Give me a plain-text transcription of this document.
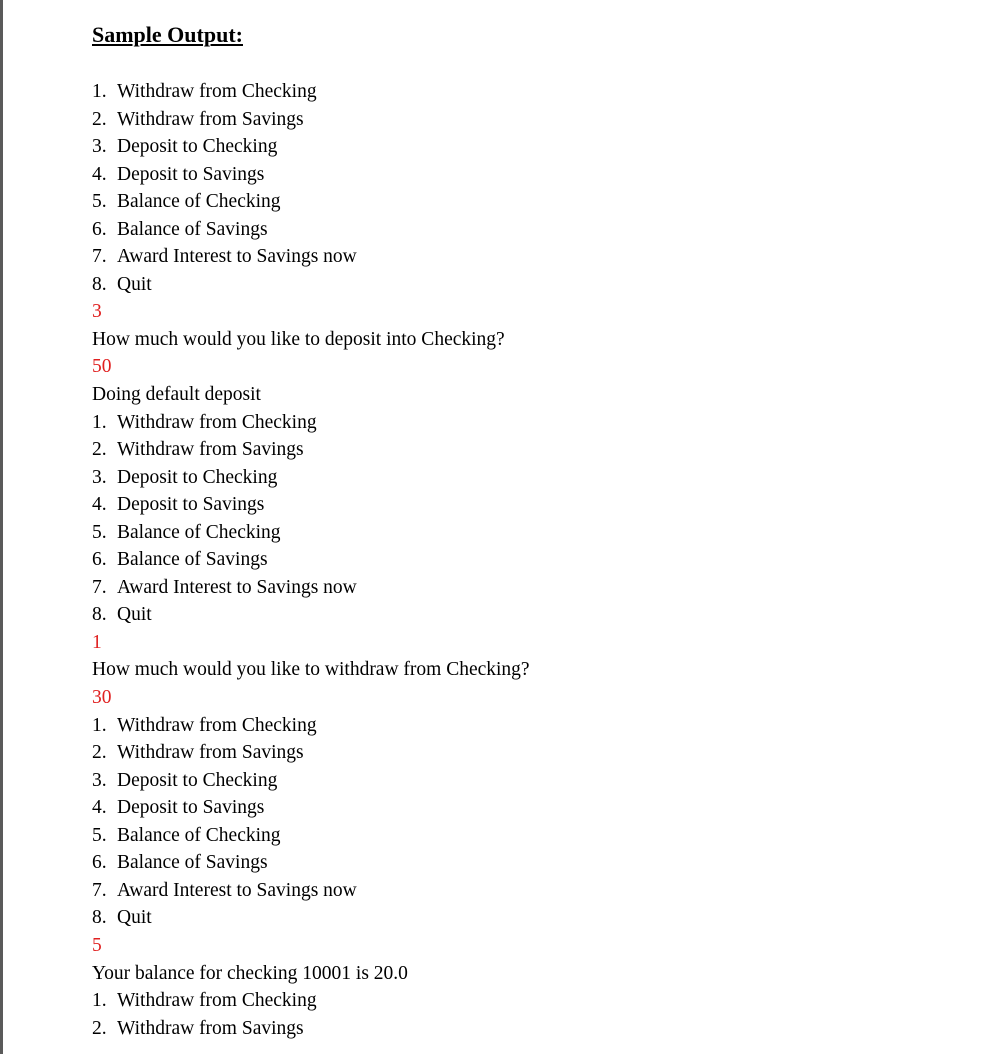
Sample Output:
1. Withdraw from Checking
2. Withdraw from Savings
3. Deposit to Checking
4. Deposit to Savings
5. Balance of Checking
6. Balance of Savings
7. Award Interest to Savings now
8. Quit
3
How much would you like to deposit into Checking?
50
Doing default deposit
1. Withdraw from Checking
2. Withdraw from Savings
3. Deposit to Checking
4. Deposit to Savings
5. Balance of Checking
6. Balance of Savings
7. Award Interest to Savings now
8. Quit
1
How much would you like to withdraw from Checking?
30
1. Withdraw from Checking
2. Withdraw from Savings
3. Deposit to Checking
4. Deposit to Savings
5. Balance of Checking
6. Balance of Savings
7. Award Interest to Savings now
8. Quit
5
Your balance for checking 10001 is 20.0
1. Withdraw from Checking
2. Withdraw from Savings
